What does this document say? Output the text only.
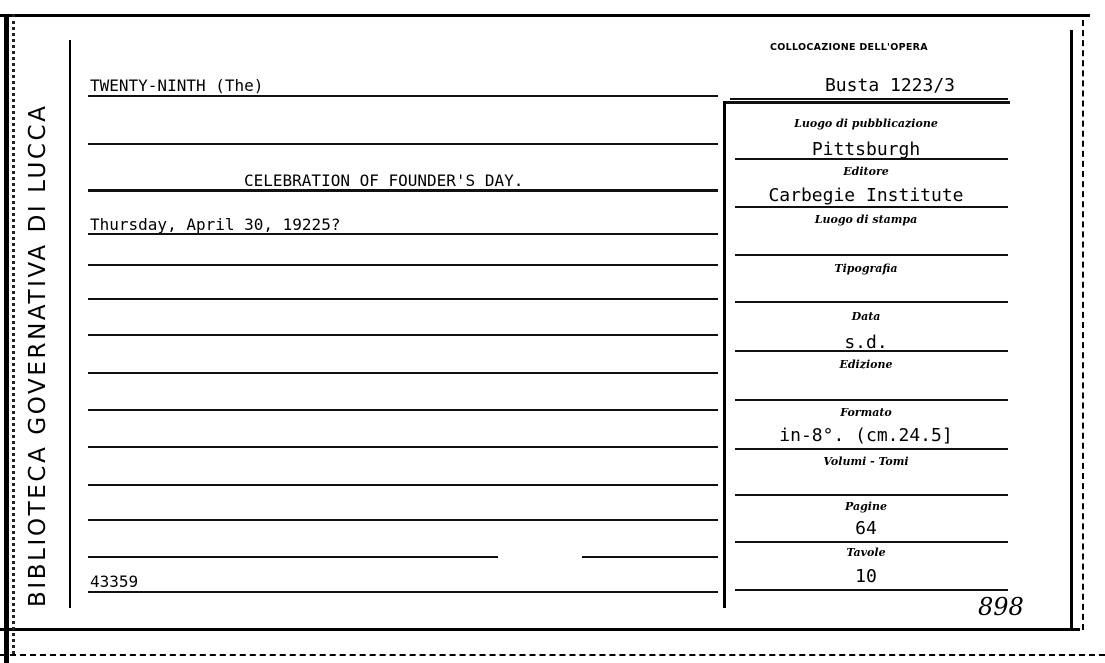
BIBLIOTECA GOVERNATIVA DI LUCCA
COLLOCAZIONE DELL'OPERA
TWENTY-NINTH (The)
CELEBRATION OF FOUNDER'S DAY.
Thursday, April 30, 19225?
43359
Busta 1223/3
Luogo di pubblicazione
Pittsburgh
Editore
Carbegie Institute
Luogo di stampa
Tipografia
Data
s.d.
Edizione
Formato
in-8°. (cm.24.5]
Volumi - Tomi
Pagine
64
Tavole
10
898
